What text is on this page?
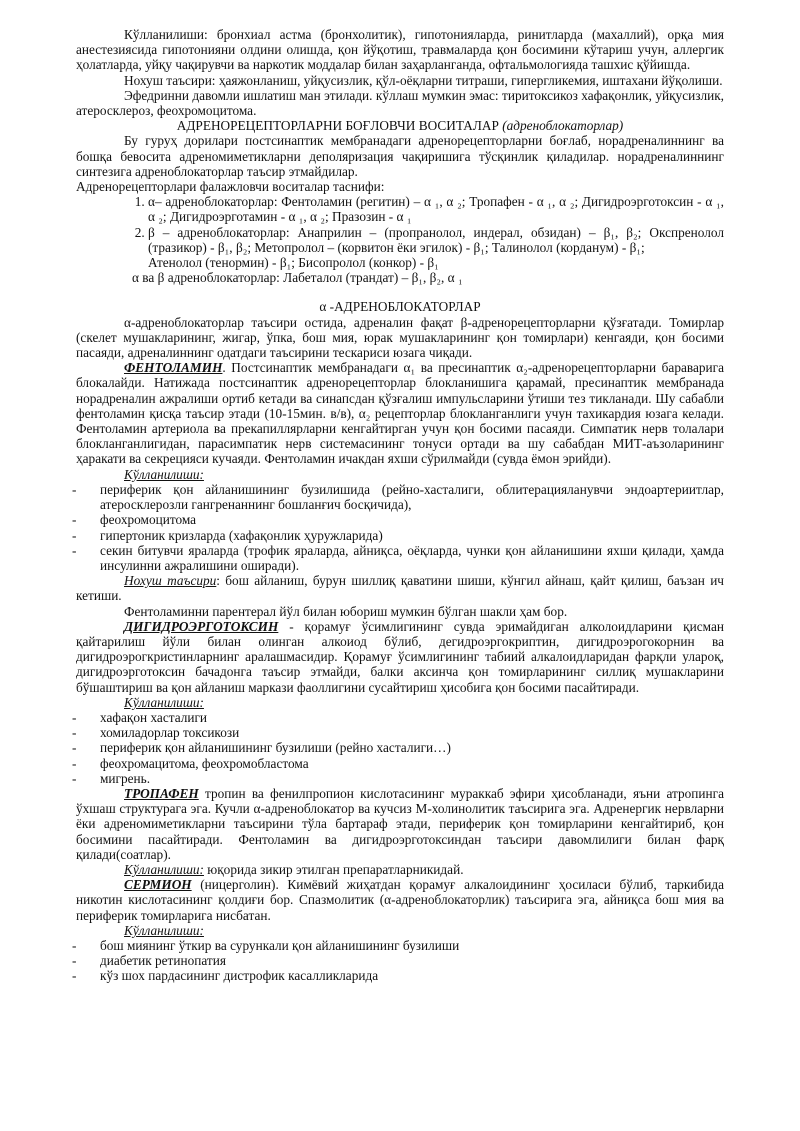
Кўлланилиши: бронхиал астма (бронхолитик), гипотонияларда, ринитларда (махаллий), орқа мия анестезиясида гипотонияни олдини олишда, қон йўқотиш, травмаларда қон босимини кўтариш учун, аллергик ҳолатларда, уйқу чақирувчи ва наркотик моддалар билан заҳарланганда, офтальмологияда ташхис қўйишда.

Нохуш таъсири: ҳаяжонланиш, уйқусизлик, қўл-оёқларни титраши, гипергликемия, иштахани йўқолиши.

Эфедринни давомли ишлатиш ман этилади. кўллаш мумкин эмас: тиритоксикоз хафақонлик, уйқусизлик, атеросклероз, феохромоцитома.

АДРЕНОРЕЦЕПТОРЛАРНИ БОҒЛОВЧИ ВОСИТАЛАР (адреноблокаторлар)

Бу гуруҳ дорилари постсинаптик мембранадаги адренорецепторларни боғлаб, норадреналиннинг ва бошқа бевосита адреномиметикларни деполяризация чақиришига тўсқинлик қиладилар. норадреналиннинг синтезига адреноблокаторлар таъсир этмайдилар.

Адренорецепторлари фалажловчи воситалар таснифи:

1. α– адреноблокаторлар: Фентоламин (регитин) – α ₁, α ₂; Тропафен - α ₁, α ₂; Дигидроэрготоксин - α ₁, α ₂; Дигидроэрготамин - α ₁, α ₂; Празозин - α ₁
2. β – адреноблокаторлар: Анаприлин – (пропранолол, индерал, обзидан) – β₁, β₂; Окспренолол (тразикор) - β₁, β₂; Метопролол – (корвитон ёки эгилок) - β₁; Талинолол (корданум) - β₁;
Атенолол (тенормин) - β₁; Бисопролол (конкор) - β₁

α ва β адреноблокаторлар: Лабеталол (трандат) – β₁, β₂, α ₁

α -АДРЕНОБЛОКАТОРЛАР

α-адреноблокаторлар таъсири остида, адреналин фақат β-адренорецепторларни қўзғатади. Томирлар (скелет мушакларининг, жигар, ўпка, бош мия, юрак мушакларининг қон томирлари) кенгаяди, қон босими пасаяди, адреналиннинг одатдаги таъсирини тескариси юзага чиқади.

ФЕНТОЛАМИН. Постсинаптик мембранадаги α₁ ва пресинаптик α₂-адренорецепторларни бараварига блокалайди. Натижада постсинаптик адренорецепторлар блокланишига қарамай, пресинаптик мембранада норадреналин ажралиши ортиб кетади ва синапсдан қўзғалиш импульсларини ўтиши тез тикланади. Шу сабабли фентоламин қисқа таъсир этади (10-15мин. в/в), α₂ рецепторлар блокланганлиги учун тахикардия юзага келади. Фентоламин артериола ва прекапиллярларни кенгайтирган учун қон босими пасаяди. Симпатик нерв толалари блокланганлигидан, парасимпатик нерв системасининг тонуси ортади ва шу сабабдан МИТ-аъзоларининг ҳаракати ва секрецияси кучаяди. Фентоламин ичакдан яхши сўрилмайди (сувда ёмон эрийди).

Кўлланилиши:

- периферик қон айланишининг бузилишида (рейно-хасталиги, облитерацияланувчи эндоартериитлар, атеросклерозли гангренаннинг бошланғич босқичида),
- феохромоцитома
- гипертоник кризларда (хафақонлик ҳуружларида)
- секин битувчи яраларда (трофик яраларда, айниқса, оёқларда, чунки қон айланишини яхши қилади, ҳамда инсулинни ажралишини оширади).

Нохуш таъсири: бош айланиш, бурун шиллиқ қаватини шиши, кўнгил айнаш, қайт қилиш, баъзан ич кетиши.

Фентоламинни парентерал йўл билан юбориш мумкин бўлган шакли ҳам бор.

ДИГИДРОЭРГОТОКСИН - қорамуғ ўсимлигининг сувда эримайдиган алколоидларини қисман қайтарилиш йўли билан олинган алкоиод бўлиб, дегидроэргокриптин, дигидроэрогокорнин ва дигидроэрогкристинларнинг аралашмасидир. Қорамуғ ўсимлигининг табиий алкалоидларидан фарқли улароқ, дигидроэрготоксин бачадонга таъсир этмайди, балки аксинча қон томирларининг силлиқ мушакларини бўшаштириш ва қон айланиш маркази фаоллигини сусайтириш ҳисобига қон босими пасайтиради.

Кўлланилиши:

- хафақон хасталиги
- хомиладорлар токсикози
- периферик қон айланишининг бузилиши (рейно хасталиги…)
- феохромацитома, феохромобластома
- мигрень.

ТРОПАФЕН тропин ва фенилпропион кислотасининг мураккаб эфири ҳисобланади, яъни атропинга ўхшаш структурага эга. Кучли α-адреноблокатор ва кучсиз М-холинолитик таъсирига эга. Адренергик нервларни ёки адреномиметикларни таъсирини тўла бартараф этади, периферик қон томирларини кенгайтириб, қон босимини пасайтиради. Фентоламин ва дигидроэрготоксиндан таъсири давомлилиги билан фарқ қилади(соатлар).

Кўлланилиши: юқорида зикир этилган препаратларникидай.

СЕРМИОН (ницерголин). Кимёвий жиҳатдан қорамуғ алкалоидининг ҳосиласи бўлиб, таркибида никотин кислотасининг қолдиғи бор. Спазмолитик (α-адреноблокаторлик) таъсирига эга, айниқса бош мия ва периферик томирларига нисбатан.

Кўлланилиши:

- бош миянинг ўткир ва сурункали қон айланишининг бузилиши
- диабетик ретинопатия
- кўз шох пардасининг дистрофик касалликларида
